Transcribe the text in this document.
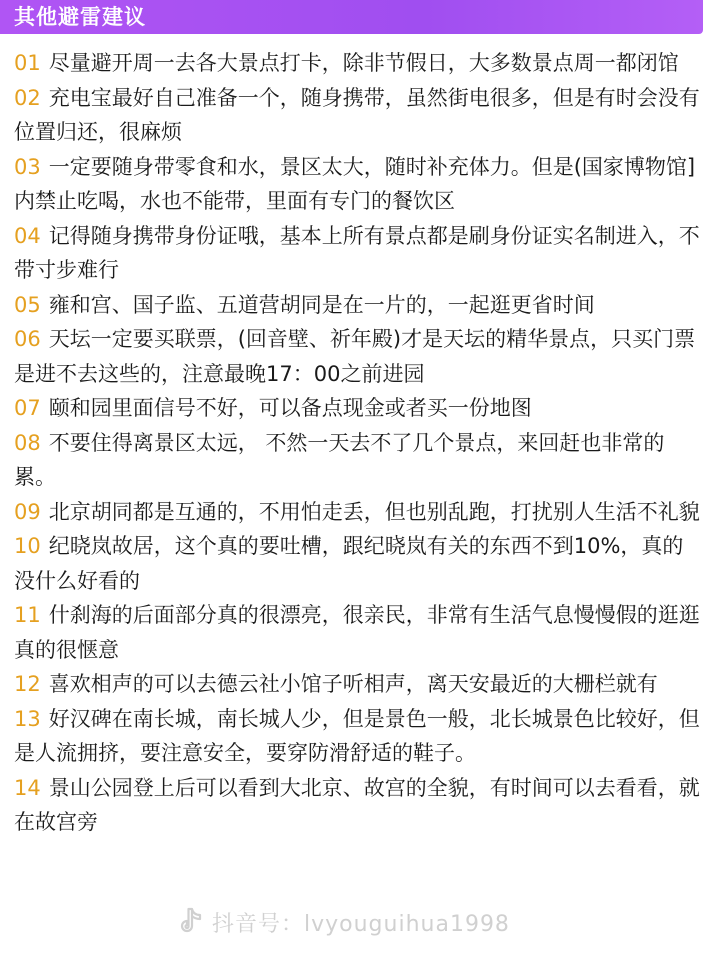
其他避雷建议
01 尽量避开周一去各大景点打卡，除非节假日，大多数景点周一都闭馆
02 充电宝最好自己准备一个，随身携带，虽然街电很多，但是有时会没有位置归还，很麻烦
03 一定要随身带零食和水，景区太大，随时补充体力。但是(国家博物馆]内禁止吃喝，水也不能带，里面有专门的餐饮区
04 记得随身携带身份证哦，基本上所有景点都是刷身份证实名制进入，不带寸步难行
05 雍和宫、国子监、五道营胡同是在一片的，一起逛更省时间
06 天坛一定要买联票，(回音壁、祈年殿)才是天坛的精华景点，只买门票是进不去这些的，注意最晚17：00之前进园
07 颐和园里面信号不好，可以备点现金或者买一份地图
08 不要住得离景区太远， 不然一天去不了几个景点，来回赶也非常的累。
09 北京胡同都是互通的，不用怕走丢，但也别乱跑，打扰别人生活不礼貌
10 纪晓岚故居，这个真的要吐槽，跟纪晓岚有关的东西不到10%，真的没什么好看的
11 什刹海的后面部分真的很漂亮，很亲民，非常有生活气息慢慢假的逛逛真的很惬意
12 喜欢相声的可以去德云社小馆子听相声，离天安最近的大栅栏就有
13 好汉碑在南长城，南长城人少，但是景色一般，北长城景色比较好，但是人流拥挤，要注意安全，要穿防滑舒适的鞋子。
14 景山公园登上后可以看到大北京、故宫的全貌，有时间可以去看看，就在故宫旁
抖音号：lvyouguihua1998
